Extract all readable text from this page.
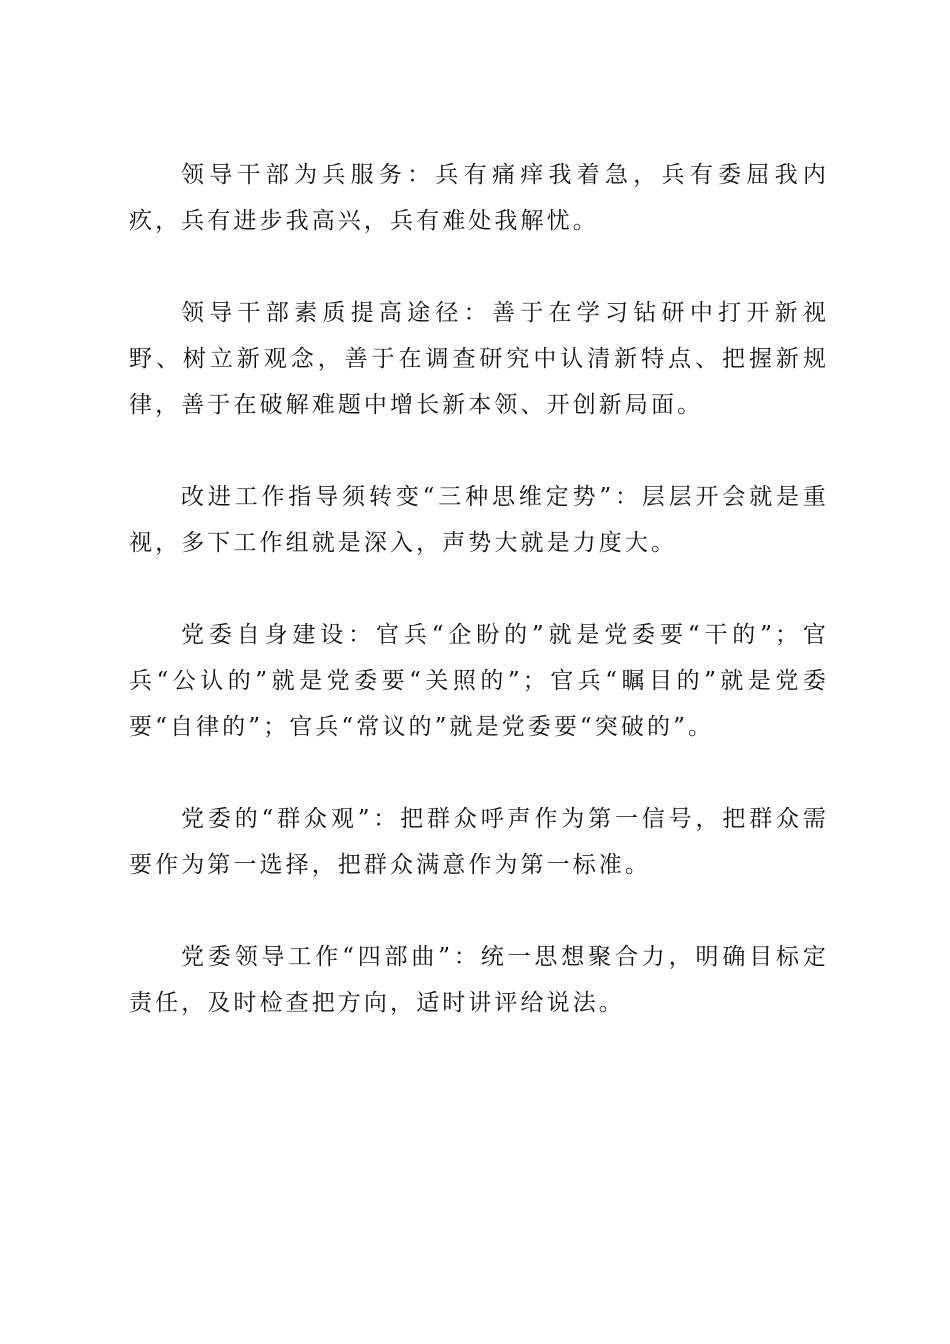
领导干部为兵服务：兵有痛痒我着急，兵有委屈我内疚，兵有进步我高兴，兵有难处我解忧。

领导干部素质提高途径：善于在学习钻研中打开新视野、树立新观念，善于在调查研究中认清新特点、把握新规律，善于在破解难题中增长新本领、开创新局面。

改进工作指导须转变“三种思维定势”：层层开会就是重视，多下工作组就是深入，声势大就是力度大。

党委自身建设：官兵“企盼的”就是党委要“干的”；官兵“公认的”就是党委要“关照的”；官兵“瞩目的”就是党委要“自律的”；官兵“常议的”就是党委要“突破的”。

党委的“群众观”：把群众呼声作为第一信号，把群众需要作为第一选择，把群众满意作为第一标准。

党委领导工作“四部曲”：统一思想聚合力，明确目标定责任，及时检查把方向，适时讲评给说法。
